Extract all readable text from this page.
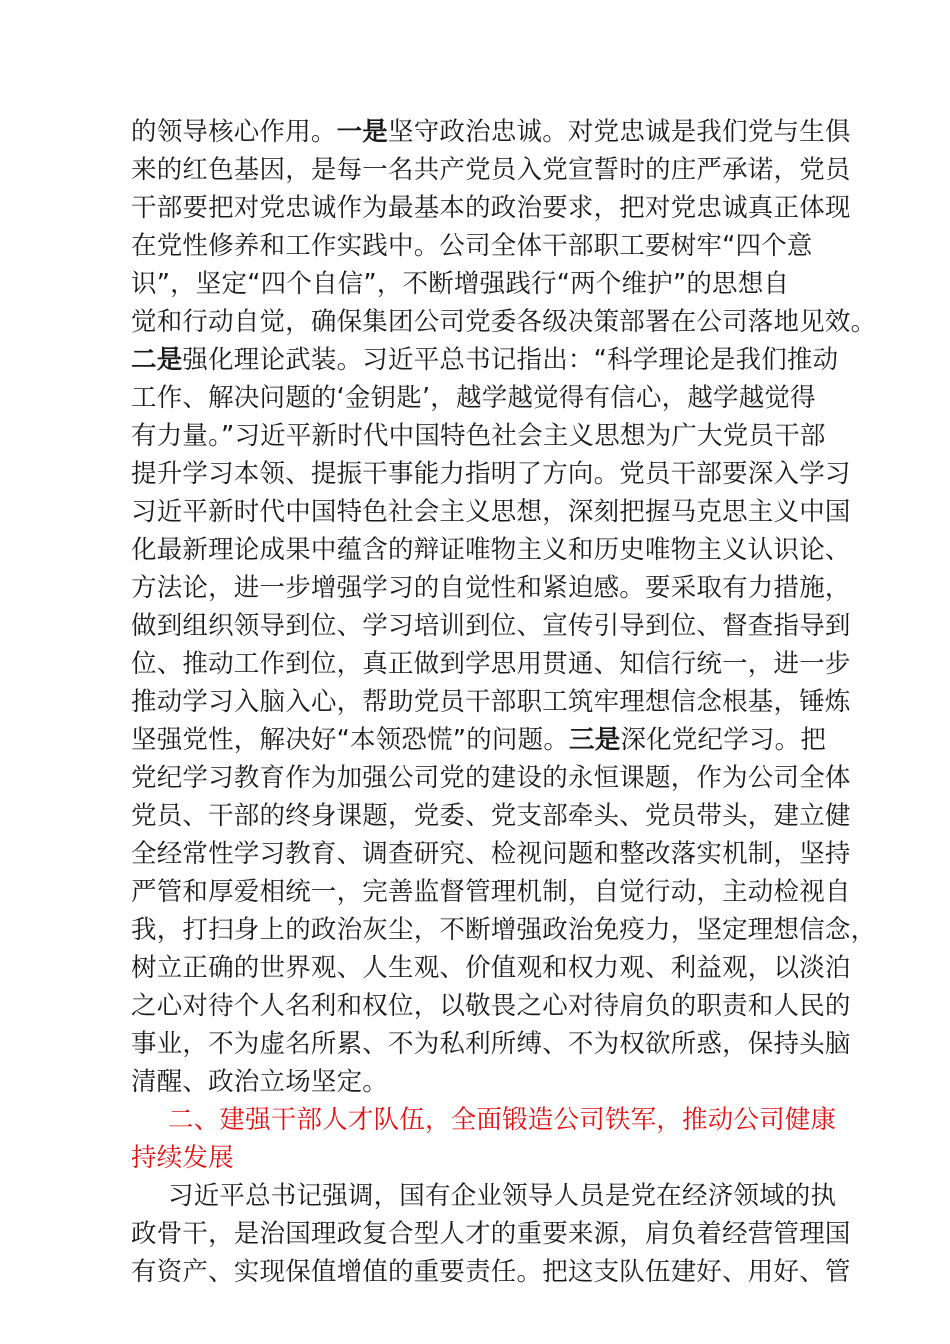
的领导核心作用。一是坚守政治忠诚。对党忠诚是我们党与生俱
来的红色基因，是每一名共产党员入党宣誓时的庄严承诺，党员
干部要把对党忠诚作为最基本的政治要求，把对党忠诚真正体现
在党性修养和工作实践中。公司全体干部职工要树牢“四个意
识”，坚定“四个自信”，不断增强践行“两个维护”的思想自
觉和行动自觉，确保集团公司党委各级决策部署在公司落地见效。
二是强化理论武装。习近平总书记指出：“科学理论是我们推动
工作、解决问题的‘金钥匙’，越学越觉得有信心，越学越觉得
有力量。”习近平新时代中国特色社会主义思想为广大党员干部
提升学习本领、提振干事能力指明了方向。党员干部要深入学习
习近平新时代中国特色社会主义思想，深刻把握马克思主义中国
化最新理论成果中蕴含的辩证唯物主义和历史唯物主义认识论、
方法论，进一步增强学习的自觉性和紧迫感。要采取有力措施，
做到组织领导到位、学习培训到位、宣传引导到位、督查指导到
位、推动工作到位，真正做到学思用贯通、知信行统一，进一步
推动学习入脑入心，帮助党员干部职工筑牢理想信念根基，锤炼
坚强党性，解决好“本领恐慌”的问题。三是深化党纪学习。把
党纪学习教育作为加强公司党的建设的永恒课题，作为公司全体
党员、干部的终身课题，党委、党支部牵头、党员带头，建立健
全经常性学习教育、调查研究、检视问题和整改落实机制，坚持
严管和厚爱相统一，完善监督管理机制，自觉行动，主动检视自
我，打扫身上的政治灰尘，不断增强政治免疫力，坚定理想信念，
树立正确的世界观、人生观、价值观和权力观、利益观，以淡泊
之心对待个人名利和权位，以敬畏之心对待肩负的职责和人民的
事业，不为虚名所累、不为私利所缚、不为权欲所惑，保持头脑
清醒、政治立场坚定。
二、建强干部人才队伍，全面锻造公司铁军，推动公司健康
持续发展
习近平总书记强调，国有企业领导人员是党在经济领域的执
政骨干，是治国理政复合型人才的重要来源，肩负着经营管理国
有资产、实现保值增值的重要责任。把这支队伍建好、用好、管
